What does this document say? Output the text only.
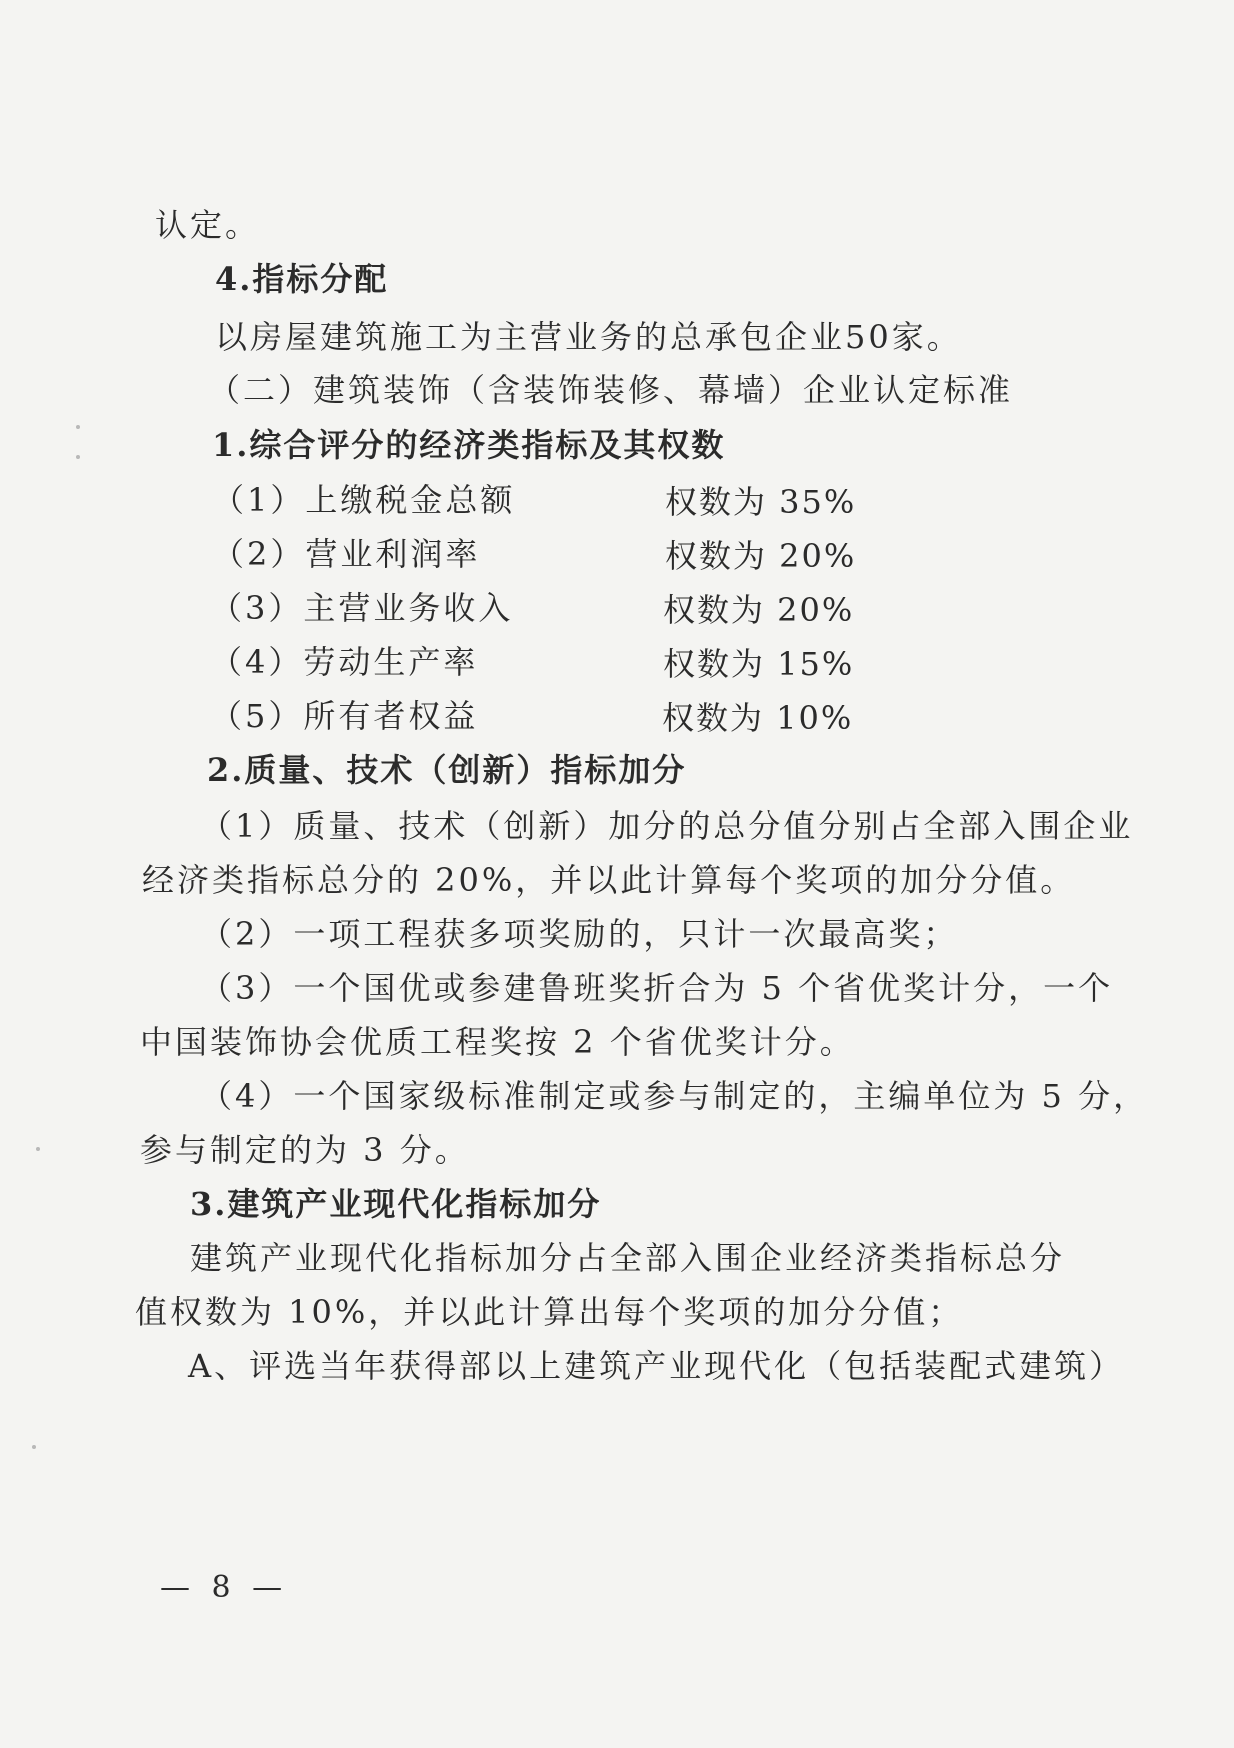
认定。
4.指标分配
以房屋建筑施工为主营业务的总承包企业50家。
（二）建筑装饰（含装饰装修、幕墙）企业认定标准
1.综合评分的经济类指标及其权数
（1）上缴税金总额	权数为 35%
（2）营业利润率	权数为 20%
（3）主营业务收入	权数为 20%
（4）劳动生产率	权数为 15%
（5）所有者权益	权数为 10%
2.质量、技术（创新）指标加分
（1）质量、技术（创新）加分的总分值分别占全部入围企业
经济类指标总分的 20%，并以此计算每个奖项的加分分值。
（2）一项工程获多项奖励的，只计一次最高奖；
（3）一个国优或参建鲁班奖折合为 5 个省优奖计分，一个
中国装饰协会优质工程奖按 2 个省优奖计分。
（4）一个国家级标准制定或参与制定的，主编单位为 5 分，
参与制定的为 3 分。
3.建筑产业现代化指标加分
建筑产业现代化指标加分占全部入围企业经济类指标总分
值权数为 10%，并以此计算出每个奖项的加分分值；
A、评选当年获得部以上建筑产业现代化（包括装配式建筑）
— 8 —
